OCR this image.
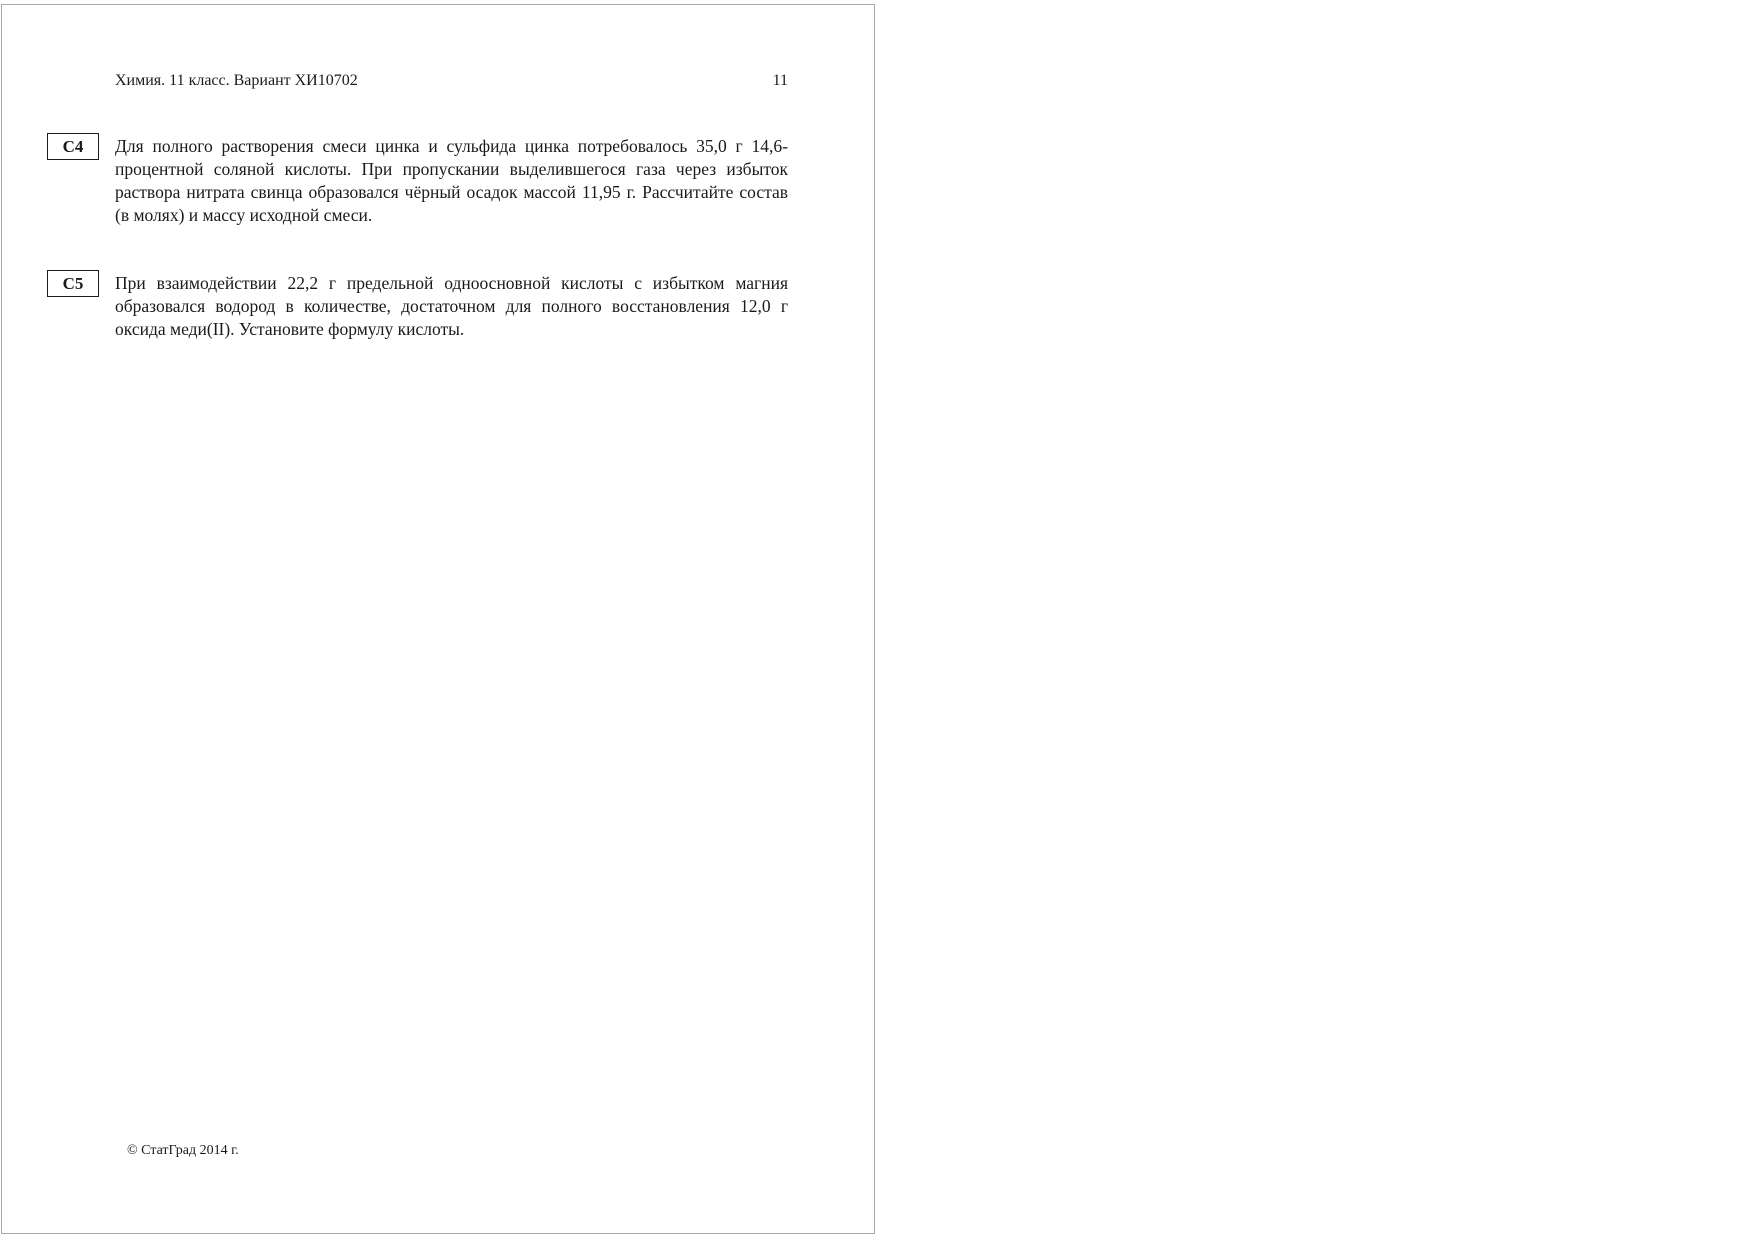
Химия. 11 класс. Вариант ХИ10702	11
C4	Для полного растворения смеси цинка и сульфида цинка потребовалось 35,0 г 14,6-процентной соляной кислоты. При пропускании выделившегося газа через избыток раствора нитрата свинца образовался чёрный осадок массой 11,95 г. Рассчитайте состав (в молях) и массу исходной смеси.

C5	При взаимодействии 22,2 г предельной одноосновной кислоты с избытком магния образовался водород в количестве, достаточном для полного восстановления 12,0 г оксида меди(II). Установите формулу кислоты.

© СтатГрад 2014 г.
